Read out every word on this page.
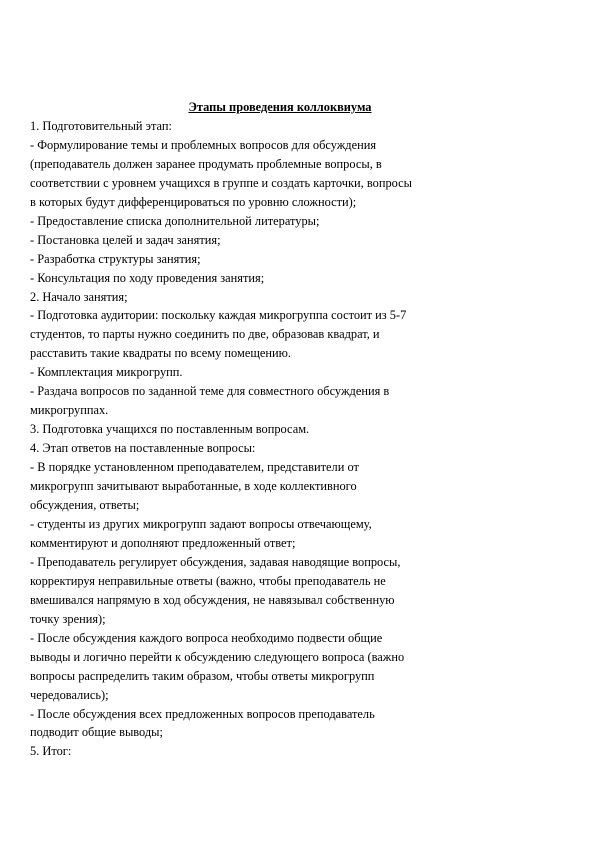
Этапы проведения коллоквиума
1. Подготовительный этап:
- Формулирование темы и проблемных вопросов для обсуждения
(преподаватель должен заранее продумать проблемные вопросы, в
соответствии с уровнем учащихся в группе и создать карточки, вопросы
в которых будут дифференцироваться по уровню сложности);
- Предоставление списка дополнительной литературы;
- Постановка целей и задач занятия;
- Разработка структуры занятия;
- Консультация по ходу проведения занятия;
2. Начало занятия;
- Подготовка аудитории: поскольку каждая микрогруппа состоит из 5-7
студентов, то парты нужно соединить по две, образовав квадрат, и
расставить такие квадраты по всему помещению.
- Комплектация микрогрупп.
- Раздача вопросов по заданной теме для совместного обсуждения в
микрогруппах.
3. Подготовка учащихся по поставленным вопросам.
4. Этап ответов на поставленные вопросы:
- В порядке установленном преподавателем, представители от
микрогрупп зачитывают выработанные, в ходе коллективного
обсуждения, ответы;
- студенты из других микрогрупп задают вопросы отвечающему,
комментируют и дополняют предложенный ответ;
- Преподаватель регулирует обсуждения, задавая наводящие вопросы,
корректируя неправильные ответы (важно, чтобы преподаватель не
вмешивался напрямую в ход обсуждения, не навязывал собственную
точку зрения);
- После обсуждения каждого вопроса необходимо подвести общие
выводы и логично перейти к обсуждению следующего вопроса (важно
вопросы распределить таким образом, чтобы ответы микрогрупп
чередовались);
- После обсуждения всех предложенных вопросов преподаватель
подводит общие выводы;
5. Итог:
